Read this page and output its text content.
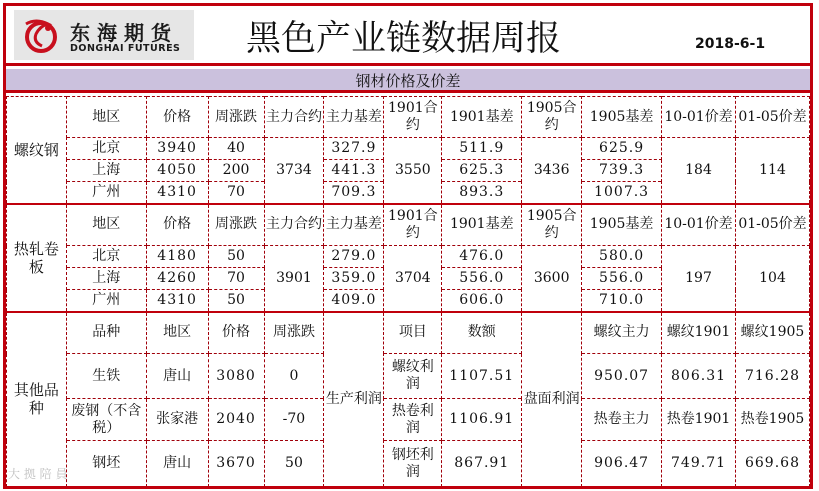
东海期货
DONGHAI FUTURES 黑色产业链数据周报	2018-6-1
钢材价格及价差
螺纹钢	地区	价格	周涨跌	主力合约	主力基差	1901合约	1901基差	1905合约	1905基差	10-01价差	01-05价差
	北京	3940	40	3734	327.9	3550	511.9	3436	625.9	184	114
	上海	4050	200		441.3		625.3		739.3		
	广州	4310	70		709.3		893.3		1007.3		
热轧卷板	地区	价格	周涨跌	主力合约	主力基差	1901合约	1901基差	1905合约	1905基差	10-01价差	01-05价差
	北京	4180	50	3901	279.0	3704	476.0	3600	580.0	197	104
	上海	4260	70		359.0		556.0		556.0		
	广州	4310	50		409.0		606.0		710.0		
其他品种	品种	地区	价格	周涨跌	生产利润	项目	数额	盘面利润	螺纹主力	螺纹1901	螺纹1905
	生铁	唐山	3080	0		螺纹利润	1107.51		950.07	806.31	716.28
	废钢（不含税）	张家港	2040	-70		热卷利润	1106.91		热卷主力	热卷1901	热卷1905
	钢坯	唐山	3670	50		钢坯利润	867.91		906.47	749.71	669.68
大 拠 陪 員
